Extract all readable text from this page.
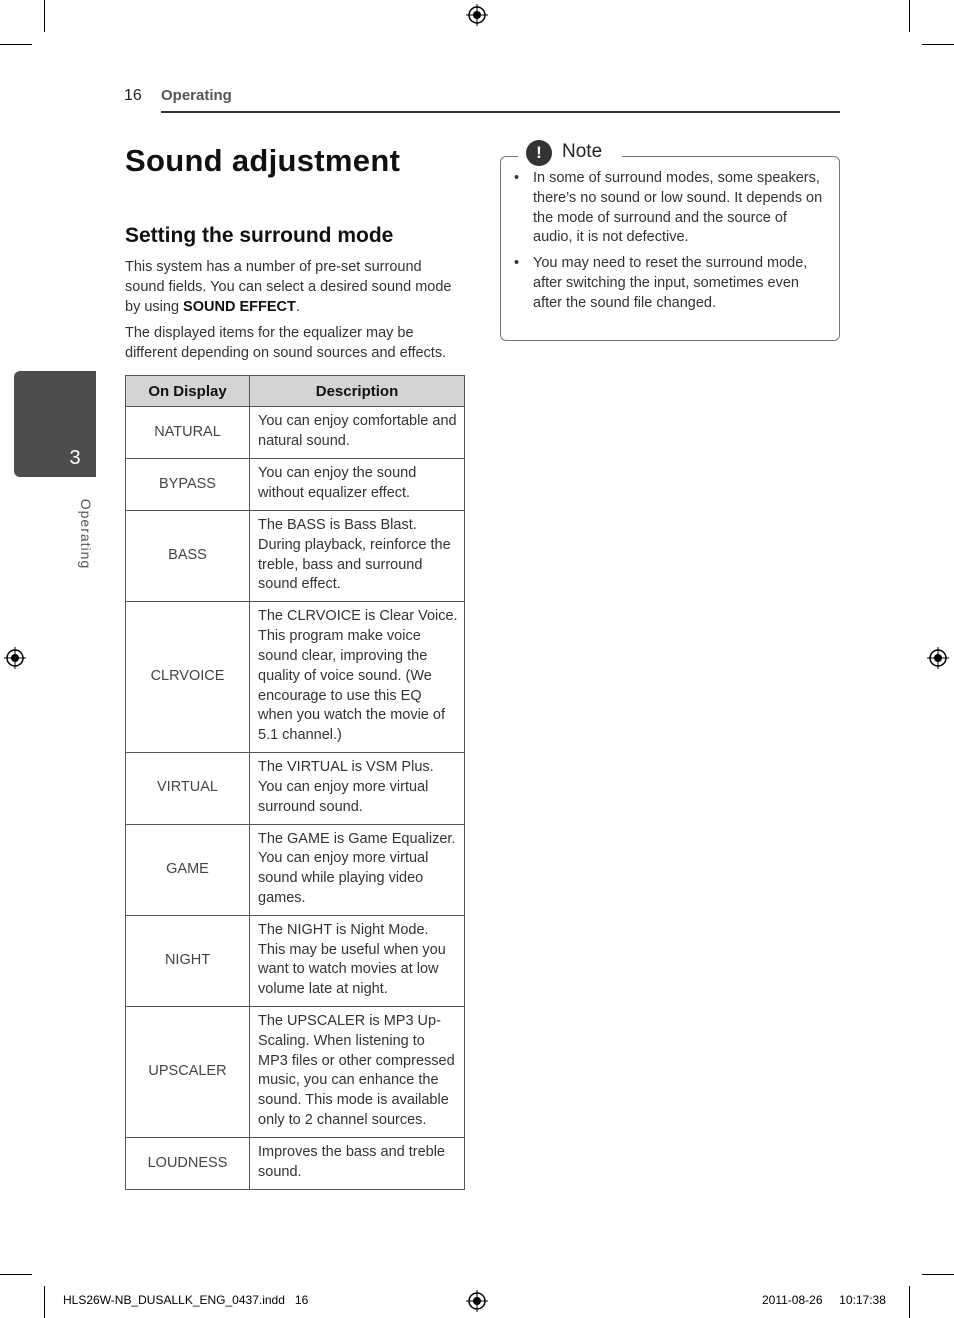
16 Operating
3
Operating
Sound adjustment
Setting the surround mode
This system has a number of pre-set surround sound fields. You can select a desired sound mode by using SOUND EFFECT.
The displayed items for the equalizer may be different depending on sound sources and effects.
On Display	Description
NATURAL	You can enjoy comfortable and natural sound.
BYPASS	You can enjoy the sound without equalizer effect.
BASS	The BASS is Bass Blast. During playback, reinforce the treble, bass and surround sound effect.
CLRVOICE	The CLRVOICE is Clear Voice. This program make voice sound clear, improving the quality of voice sound. (We encourage to use this EQ when you watch the movie of 5.1 channel.)
VIRTUAL	The VIRTUAL is VSM Plus. You can enjoy more virtual surround sound.
GAME	The GAME is Game Equalizer. You can enjoy more virtual sound while playing video games.
NIGHT	The NIGHT is Night Mode. This may be useful when you want to watch movies at low volume late at night.
UPSCALER	The UPSCALER is MP3 Up-Scaling. When listening to MP3 files or other compressed music, you can enhance the sound. This mode is available only to 2 channel sources.
LOUDNESS	Improves the bass and treble sound.
!	Note
• In some of surround modes, some speakers, there’s no sound or low sound. It depends on the mode of surround and the source of audio, it is not defective.
• You may need to reset the surround mode, after switching the input, sometimes even after the sound file changed.
HLS26W-NB_DUSALLK_ENG_0437.indd   16	2011-08-26     10:17:38
